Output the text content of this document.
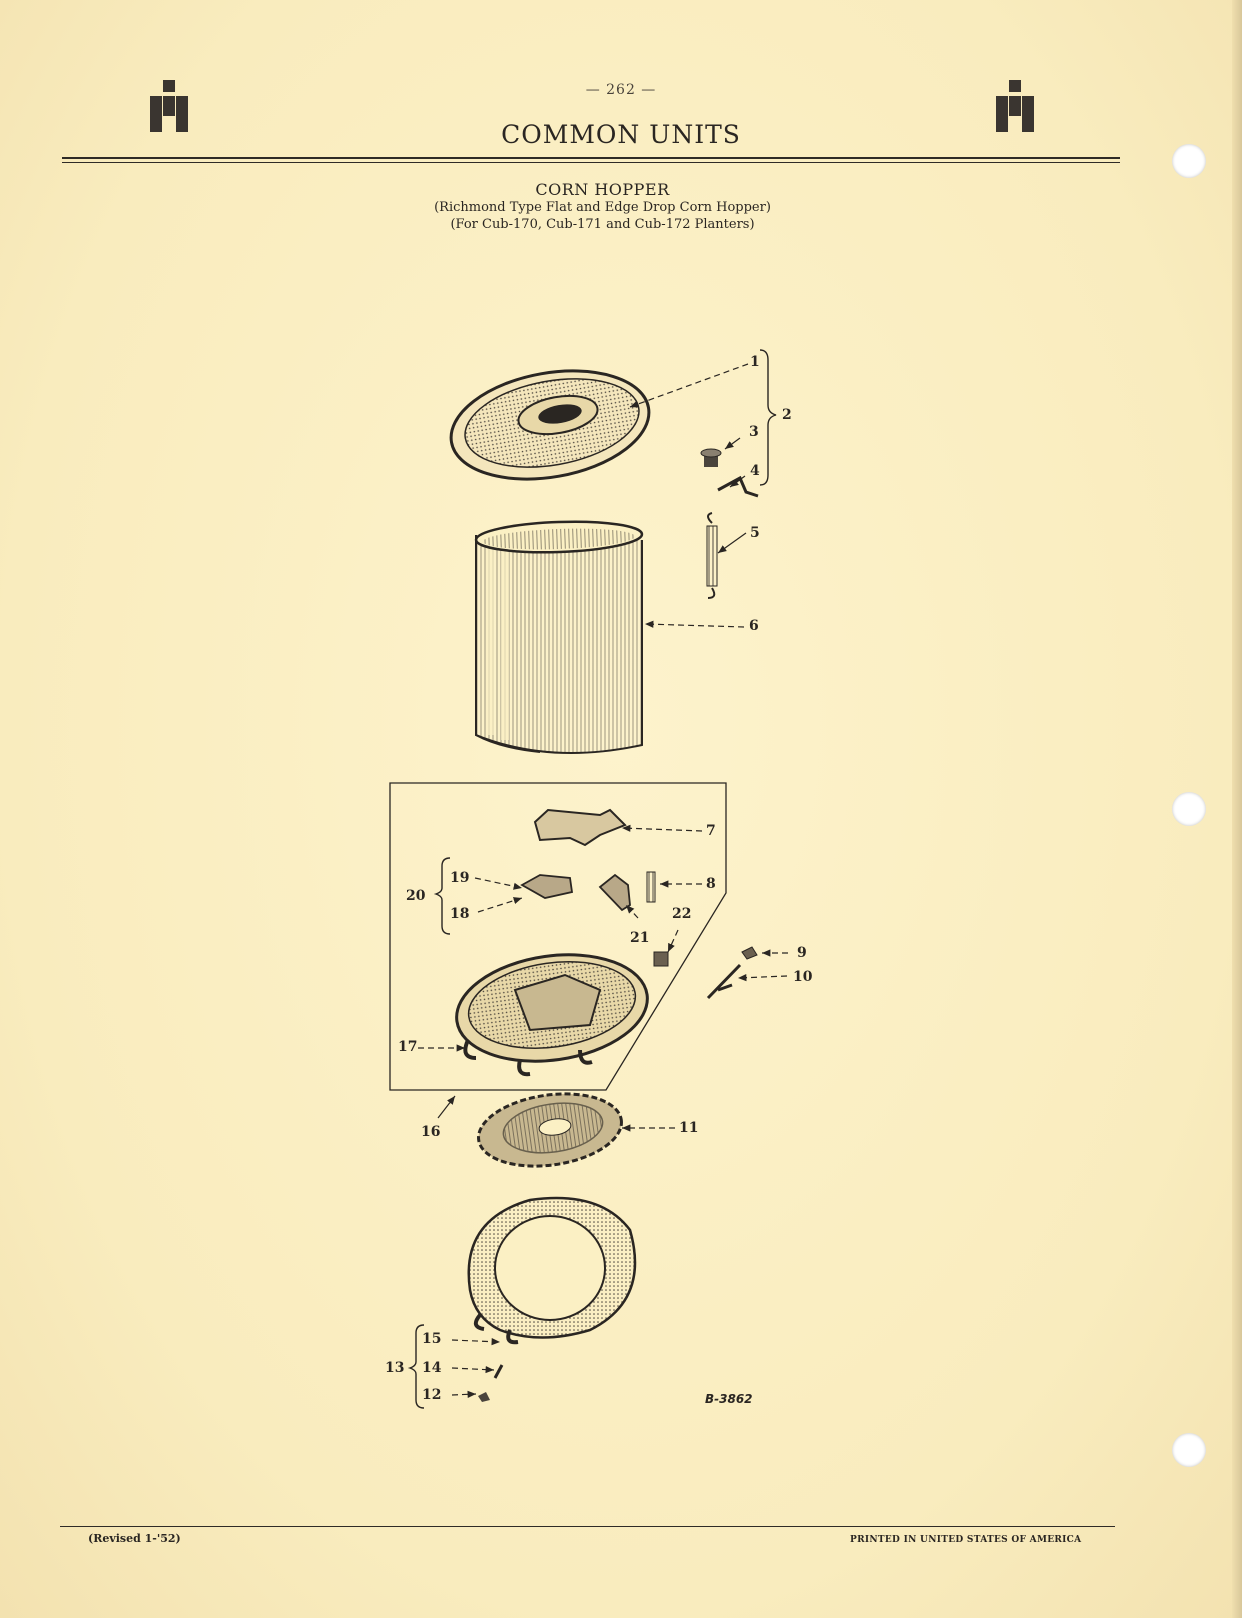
— 262 —
COMMON UNITS
CORN HOPPER
(Richmond Type Flat and Edge Drop Corn Hopper)
(For Cub-170, Cub-171 and Cub-172 Planters)
1
2
3
4
5
6
7
8
9
10
11
12
13 14
15
16
17
18
19
20
21
22
B-3862
(Revised 1-'52)	PRINTED IN UNITED STATES OF AMERICA
